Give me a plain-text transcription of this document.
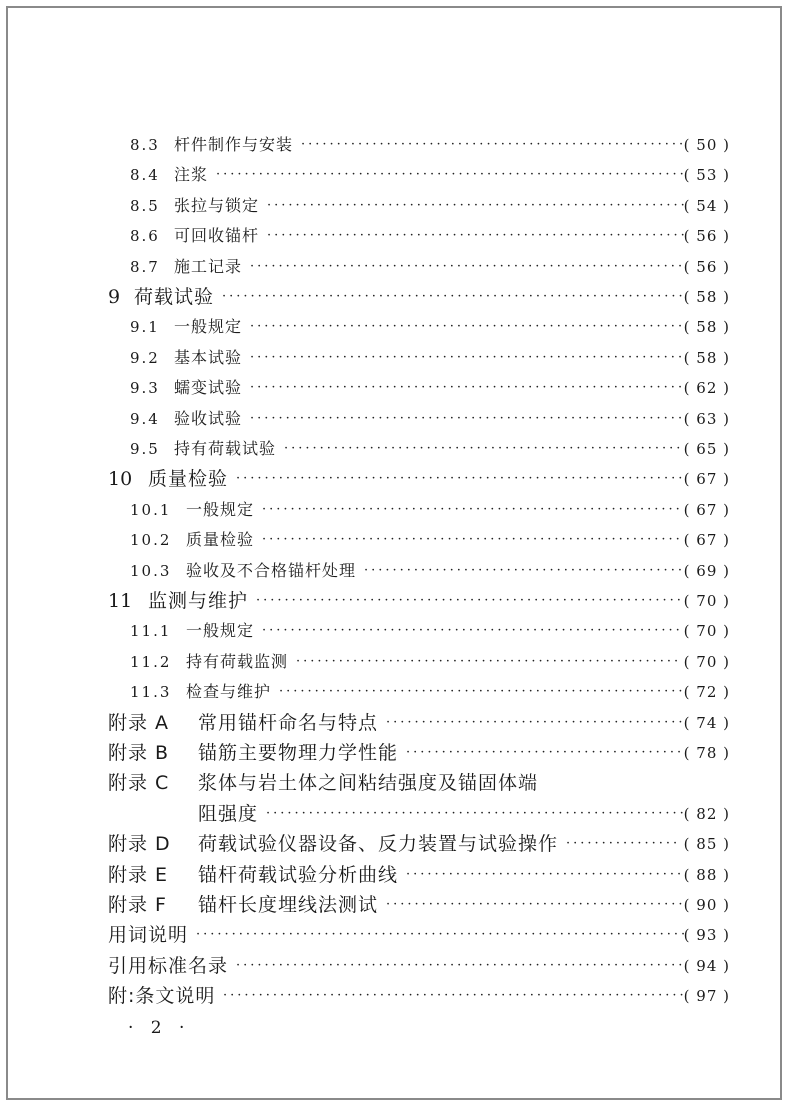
8.3 杆件制作与安装 ······················································
( 50 )
8.4 注浆 ··································································
( 53 )
8.5 张拉与锁定 ···························································
( 54 )
8.6 可回收锚杆 ···························································
( 56 )
8.7 施工记录 ·····························································
( 56 )
9 荷载试验 ·································································
( 58 )
9.1 一般规定 ·····························································
( 58 )
9.2 基本试验 ·····························································
( 58 )
9.3 蠕变试验 ·····························································
( 62 )
9.4 验收试验 ·····························································
( 63 )
9.5 持有荷载试验 ························································ ( 65 )
10 质量检验 ·······························································
( 67 )
10.1 一般规定 ··························································· ( 67 )
10.2 质量检验 ··························································· ( 67 )
10.3 验收及不合格锚杆处理 ·············································
( 69 )
11 监测与维护 ···························································· ( 70 )
11.1 一般规定 ··························································· ( 70 )
11.2 持有荷载监测 ······················································ ( 70 )
11.3 检查与维护 ·························································
( 72 )
附录 A 常用锚杆命名与特点 ··········································
( 74 )
附录 B 锚筋主要物理力学性能 ······································· ( 78 )
附录 C 浆体与岩土体之间粘结强度及锚固体端
阻强度 ···························································
( 82 )
附录 D 荷载试验仪器设备、反力装置与试验操作 ················ ( 85 )
附录 E 锚杆荷载试验分析曲线 ······································· ( 88 )
附录 F 锚杆长度埋线法测试 ··········································
( 90 )
用词说明 ·····································································
( 93 )
引用标准名录 ·······························································
( 94 )
附:条文说明 ·································································
( 97 )
· 2 ·
